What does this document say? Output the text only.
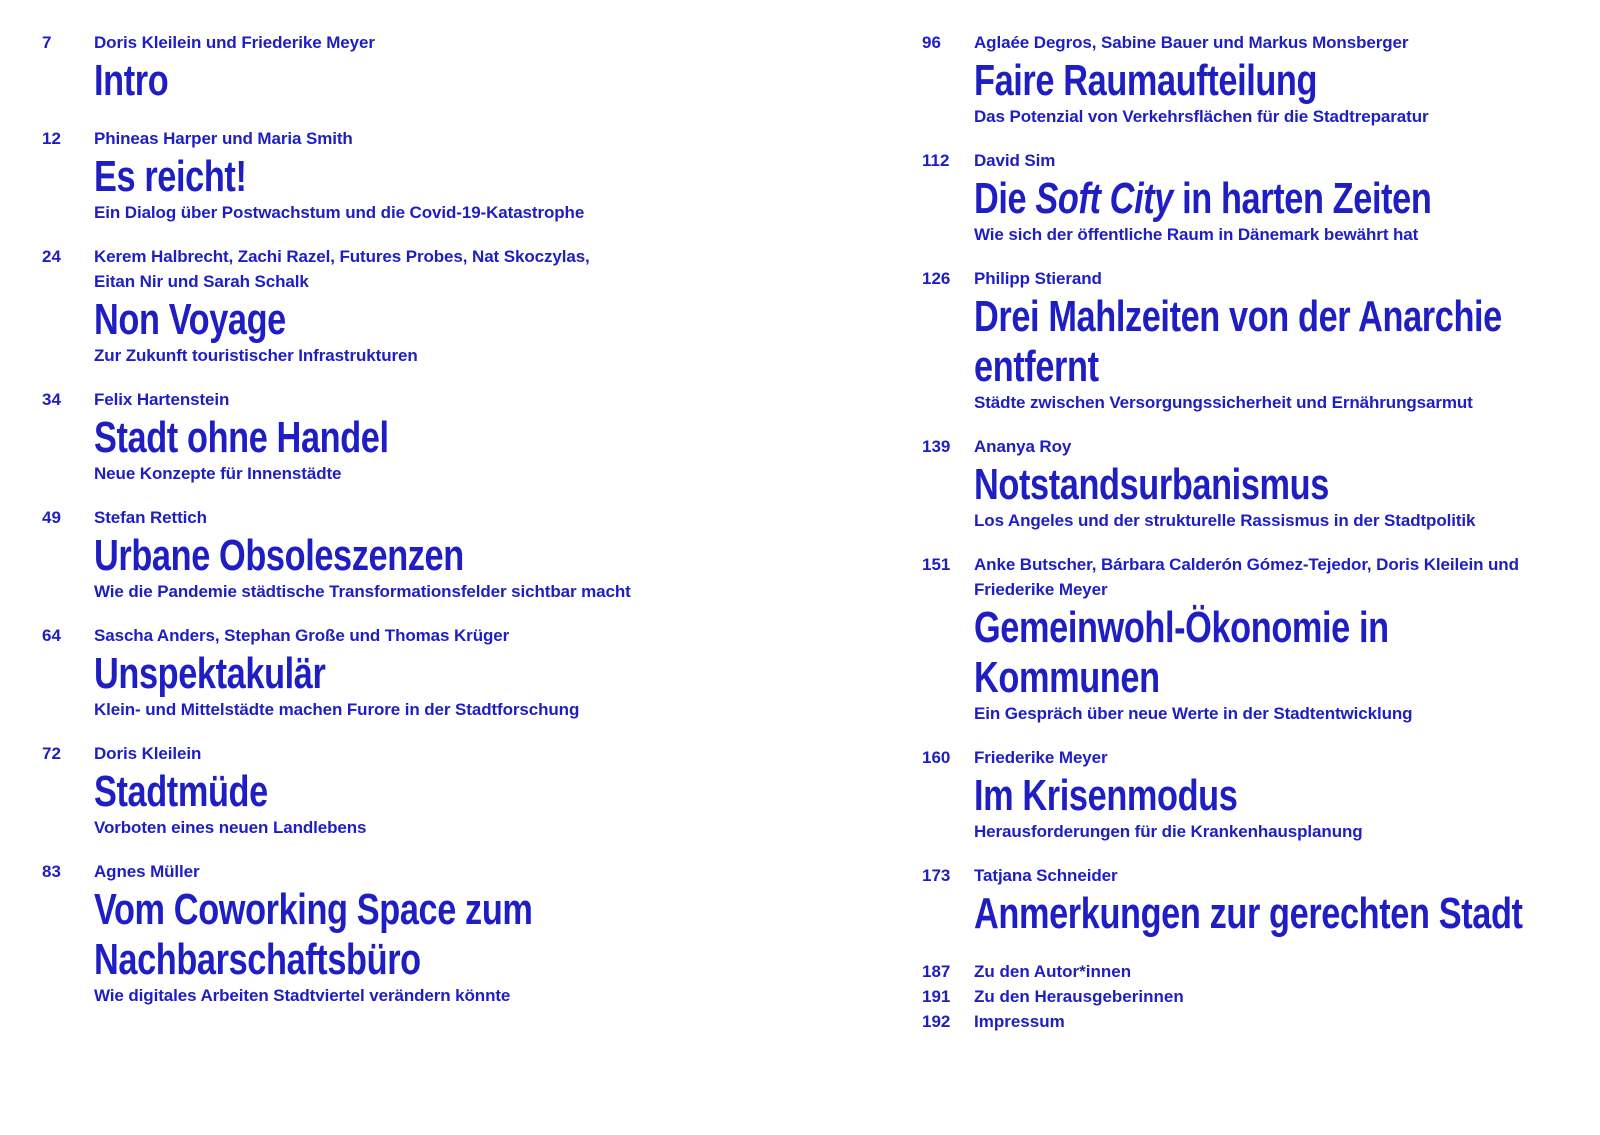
7	Doris Kleilein und Friederike Meyer
Intro
12 Phineas Harper und Maria Smith
Es reicht!
Ein Dialog über Postwachstum und die Covid-19-Katastrophe
24 Kerem Halbrecht, Zachi Razel, Futures Probes, Nat Skoczylas,
Eitan Nir und Sarah Schalk
Non Voyage
Zur Zukunft touristischer Infrastrukturen
34 Felix Hartenstein
Stadt ohne Handel
Neue Konzepte für Innenstädte
49 Stefan Rettich
Urbane Obsoleszenzen
Wie die Pandemie städtische Transformationsfelder sichtbar macht
64 Sascha Anders, Stephan Große und Thomas Krüger
Unspektakulär
Klein- und Mittelstädte machen Furore in der Stadtforschung
72 Doris Kleilein
Stadtmüde
Vorboten eines neuen Landlebens
83 Agnes Müller
Vom Coworking Space zum
Nachbarschaftsbüro
Wie digitales Arbeiten Stadtviertel verändern könnte
96 Aglaée Degros, Sabine Bauer und Markus Monsberger
Faire Raumaufteilung
Das Potenzial von Verkehrsflächen für die Stadtreparatur
112 David Sim
Die Soft City in harten Zeiten
Wie sich der öffentliche Raum in Dänemark bewährt hat
126 Philipp Stierand
Drei Mahlzeiten von der Anarchie
entfernt
Städte zwischen Versorgungssicherheit und Ernährungsarmut
139 Ananya Roy
Notstandsurbanismus
Los Angeles und der strukturelle Rassismus in der Stadtpolitik
151 Anke Butscher, Bárbara Calderón Gómez-Tejedor, Doris Kleilein und
Friederike Meyer
Gemeinwohl-Ökonomie in
Kommunen
Ein Gespräch über neue Werte in der Stadtentwicklung
160 Friederike Meyer
Im Krisenmodus
Herausforderungen für die Krankenhausplanung
173 Tatjana Schneider
Anmerkungen zur gerechten Stadt
187 Zu den Autor*innen
191 Zu den Herausgeberinnen
192 Impressum
